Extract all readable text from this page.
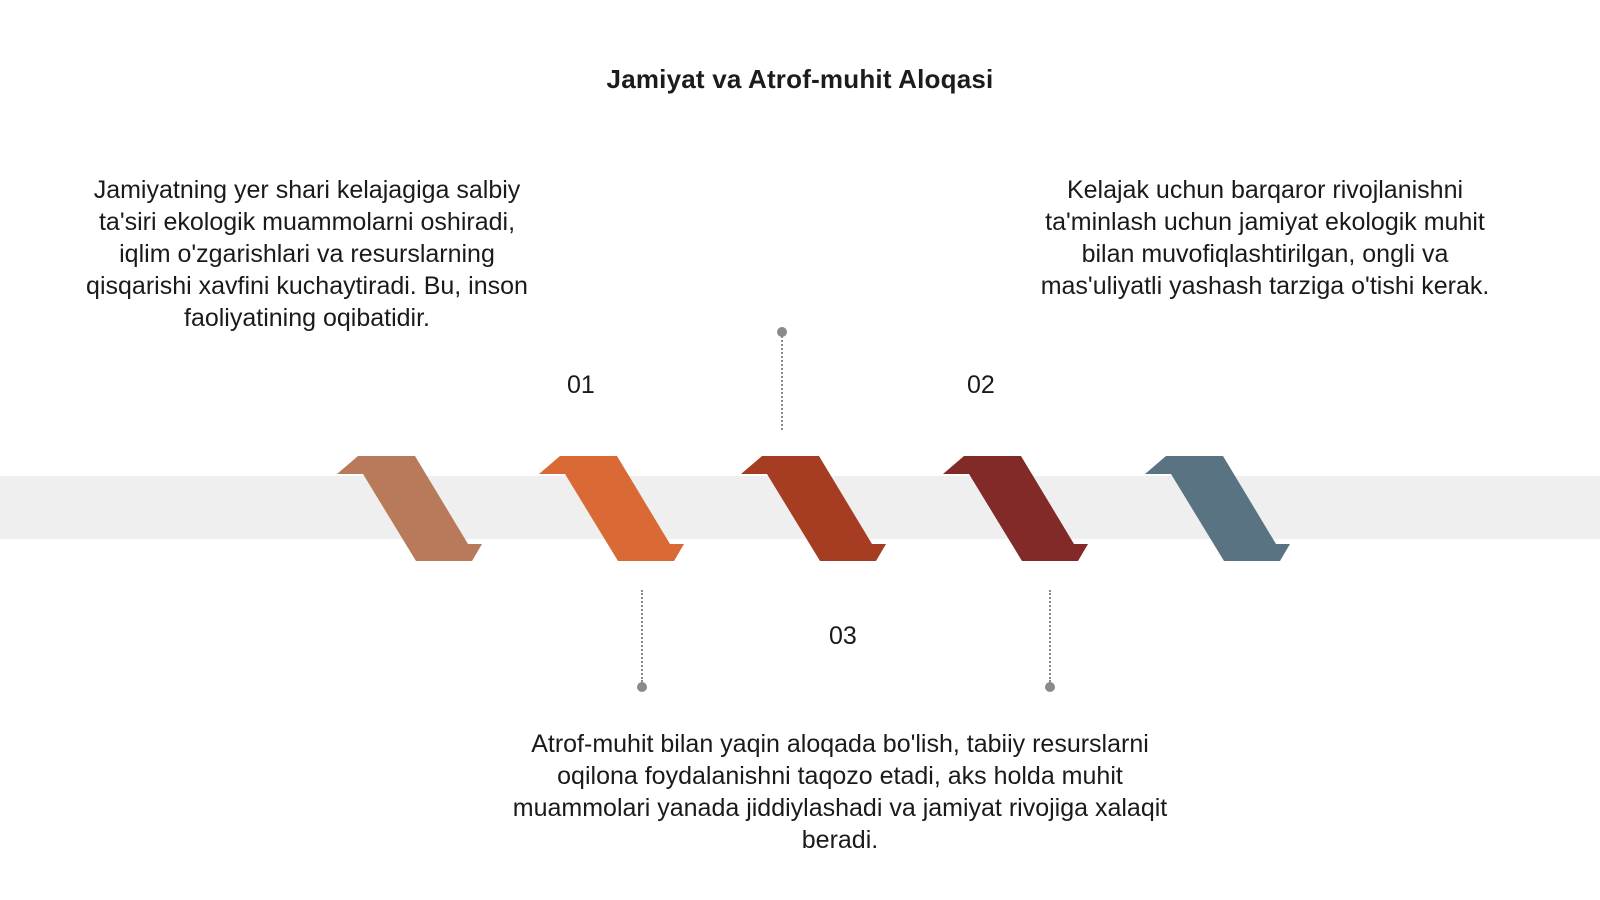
Jamiyat va Atrof-muhit Aloqasi
01	02
03
Jamiyatning yer shari kelajagiga salbiy ta'siri ekologik muammolarni oshiradi, iqlim o'zgarishlari va resurslarning qisqarishi xavfini kuchaytiradi. Bu, inson faoliyatining oqibatidir.
Kelajak uchun barqaror rivojlanishni ta'minlash uchun jamiyat ekologik muhit bilan muvofiqlashtirilgan, ongli va mas'uliyatli yashash tarziga o'tishi kerak.
Atrof-muhit bilan yaqin aloqada bo'lish, tabiiy resurslarni oqilona foydalanishni taqozo etadi, aks holda muhit muammolari yanada jiddiylashadi va jamiyat rivojiga xalaqit beradi.
